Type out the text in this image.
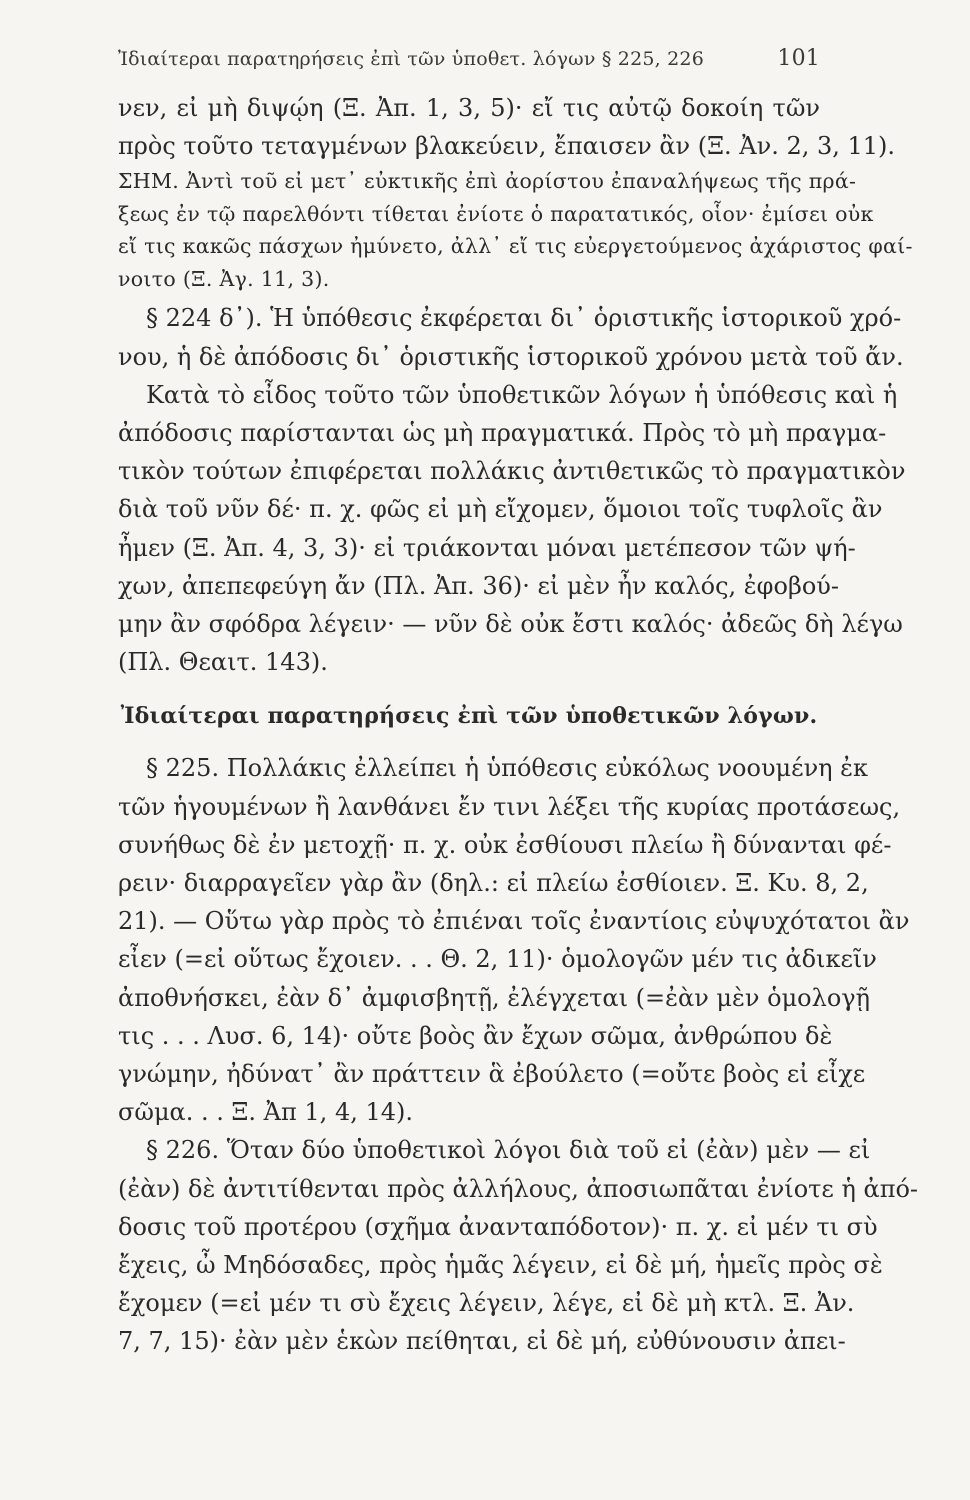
Ἰδιαίτεραι παρατηρήσεις ἐπὶ τῶν ὑποθετ. λόγων § 225, 226	101
νεν, εἰ μὴ διψῴη (Ξ. Ἀπ. 1, 3, 5)· εἴ τις αὐτῷ δοκοίη τῶν
πρὸς τοῦτο τεταγμένων βλακεύειν, ἔπαισεν ἂν (Ξ. Ἀν. 2, 3, 11).
ΣΗΜ. Ἀντὶ τοῦ εἰ μετ᾽ εὐκτικῆς ἐπὶ ἀορίστου ἐπαναλήψεως τῆς πρά-
ξεως ἐν τῷ παρελθόντι τίθεται ἐνίοτε ὁ παρατατικός, οἷον· ἐμίσει οὐκ
εἴ τις κακῶς πάσχων ἠμύνετο, ἀλλ᾽ εἴ τις εὐεργετούμενος ἀχάριστος φαί-
νοιτο (Ξ. Ἀγ. 11, 3).
§ 224 δ᾽). Ἡ ὑπόθεσις ἐκφέρεται δι᾽ ὁριστικῆς ἱστορικοῦ χρό-
νου, ἡ δὲ ἀπόδοσις δι᾽ ὁριστικῆς ἱστορικοῦ χρόνου μετὰ τοῦ ἄν.
Κατὰ τὸ εἶδος τοῦτο τῶν ὑποθετικῶν λόγων ἡ ὑπόθεσις καὶ ἡ
ἀπόδοσις παρίστανται ὡς μὴ πραγματικά. Πρὸς τὸ μὴ πραγμα-
τικὸν τούτων ἐπιφέρεται πολλάκις ἀντιθετικῶς τὸ πραγματικὸν
διὰ τοῦ νῦν δέ· π. χ. φῶς εἰ μὴ εἴχομεν, ὅμοιοι τοῖς τυφλοῖς ἂν
ἦμεν (Ξ. Ἀπ. 4, 3, 3)· εἰ τριάκονται μόναι μετέπεσον τῶν ψή-
χων, ἀπεπεφεύγη ἄν (Πλ. Ἀπ. 36)· εἰ μὲν ἦν καλός, ἐφοβού-
μην ἂν σφόδρα λέγειν· — νῦν δὲ οὐκ ἔστι καλός· ἀδεῶς δὴ λέγω
(Πλ. Θεαιτ. 143).
Ἰδιαίτεραι παρατηρήσεις ἐπὶ τῶν ὑποθετικῶν λόγων.
§ 225. Πολλάκις ἐλλείπει ἡ ὑπόθεσις εὐκόλως νοουμένη ἐκ
τῶν ἡγουμένων ἢ λανθάνει ἔν τινι λέξει τῆς κυρίας προτάσεως,
συνήθως δὲ ἐν μετοχῇ· π. χ. οὐκ ἐσθίουσι πλείω ἢ δύνανται φέ-
ρειν· διαρραγεῖεν γὰρ ἂν (δηλ.: εἰ πλείω ἐσθίοιεν. Ξ. Κυ. 8, 2,
21). — Οὕτω γὰρ πρὸς τὸ ἐπιέναι τοῖς ἐναντίοις εὐψυχότατοι ἂν
εἶεν (=εἰ οὕτως ἔχοιεν. . . Θ. 2, 11)· ὁμολογῶν μέν τις ἀδικεῖν
ἀποθνήσκει, ἐὰν δ᾽ ἀμφισβητῇ, ἐλέγχεται (=ἐὰν μὲν ὁμολογῇ
τις . . . Λυσ. 6, 14)· οὔτε βοὸς ἂν ἔχων σῶμα, ἀνθρώπου δὲ
γνώμην, ἠδύνατ᾽ ἂν πράττειν ἃ ἐβούλετο (=οὔτε βοὸς εἰ εἶχε
σῶμα. . . Ξ. Ἀπ 1, 4, 14).
§ 226. Ὅταν δύο ὑποθετικοὶ λόγοι διὰ τοῦ εἰ (ἐὰν) μὲν — εἰ
(ἐὰν) δὲ ἀντιτίθενται πρὸς ἀλλήλους, ἀποσιωπᾶται ἐνίοτε ἡ ἀπό-
δοσις τοῦ προτέρου (σχῆμα ἀνανταπόδοτον)· π. χ. εἰ μέν τι σὺ
ἔχεις, ὦ Μηδόσαδες, πρὸς ἡμᾶς λέγειν, εἰ δὲ μή, ἡμεῖς πρὸς σὲ
ἔχομεν (=εἰ μέν τι σὺ ἔχεις λέγειν, λέγε, εἰ δὲ μὴ κτλ. Ξ. Ἀν.
7, 7, 15)· ἐὰν μὲν ἑκὼν πείθηται, εἰ δὲ μή, εὐθύνουσιν ἀπει-
